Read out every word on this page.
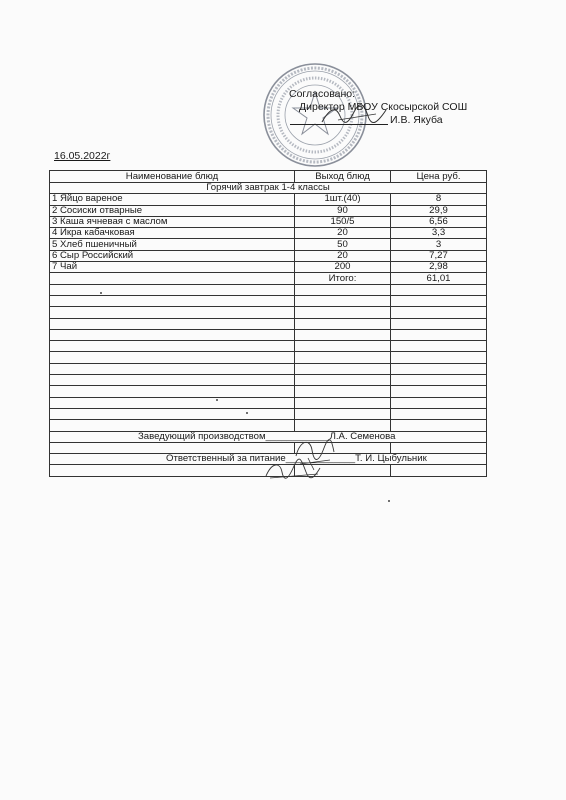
Согласовано:
Директор МБОУ Скосырской СОШ
И.В. Якуба
16.05.2022г
Наименование блюд	Выход блюд	Цена руб.
Горячий завтрак 1-4 классы		
1 Яйцо вареное	1шт.(40)	8
2 Сосиски отварные	90	29,9
3 Каша ячневая с маслом	150/5	6,56
4 Икра кабачковая	20	3,3
5 Хлеб пшеничный	50	3
6 Сыр Российский	20	7,27
7 Чай	200	2,98
	Итого:	61,01

Заведующий производством____________Л.А. Семенова		

Ответственный за питание_____________Т. И. Цыбульник		
